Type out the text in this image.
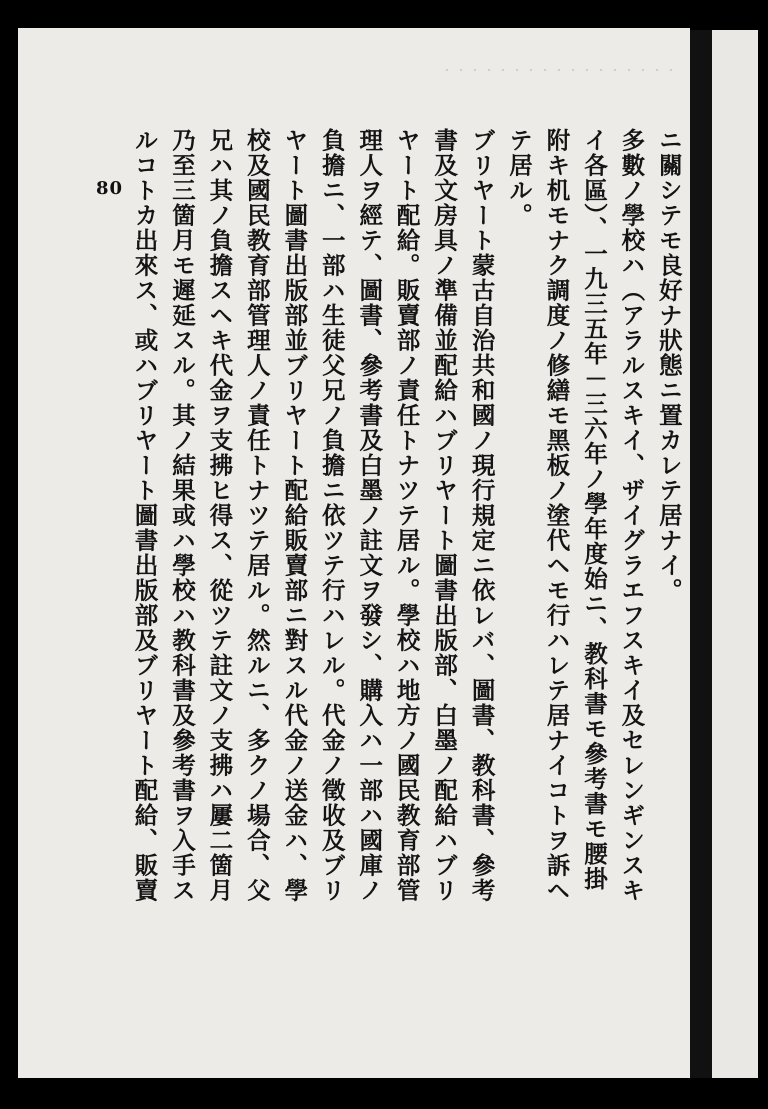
80	ニ關シテモ良好ナ狀態ニ置カレテ居ナイ。
多數ノ學校ハ（アラルスキイ、ザイグラエフスキイ及セレンギンスキ
イ各區）、一九三五年－三六年ノ學年度始ニ、教科書モ參考書モ腰掛
附キ机モナク調度ノ修繕モ黑板ノ塗代ヘモ行ハレテ居ナイコトヲ訴ヘ
テ居ル。
ブリヤート蒙古自治共和國ノ現行規定ニ依レバ、圖書、教科書、參考
書及文房具ノ準備並配給ハブリヤート圖書出版部、白墨ノ配給ハブリ
ヤート配給。販賣部ノ責任トナツテ居ル。學校ハ地方ノ國民教育部管
理人ヲ經テ、圖書、參考書及白墨ノ註文ヲ發シ、購入ハ一部ハ國庫ノ
負擔ニ、一部ハ生徒父兄ノ負擔ニ依ツテ行ハレル。代金ノ徵收及ブリ
ヤート圖書出版部並ブリヤート配給販賣部ニ對スル代金ノ送金ハ、學
校及國民教育部管理人ノ責任トナツテ居ル。然ルニ、多クノ場合、父
兄ハ其ノ負擔スヘキ代金ヲ支拂ヒ得ス、從ツテ註文ノ支拂ハ屢二箇月
乃至三箇月モ遲延スル。其ノ結果或ハ學校ハ教科書及參考書ヲ入手ス
ルコトカ出來ス、或ハブリヤート圖書出版部及ブリヤート配給、販賣
